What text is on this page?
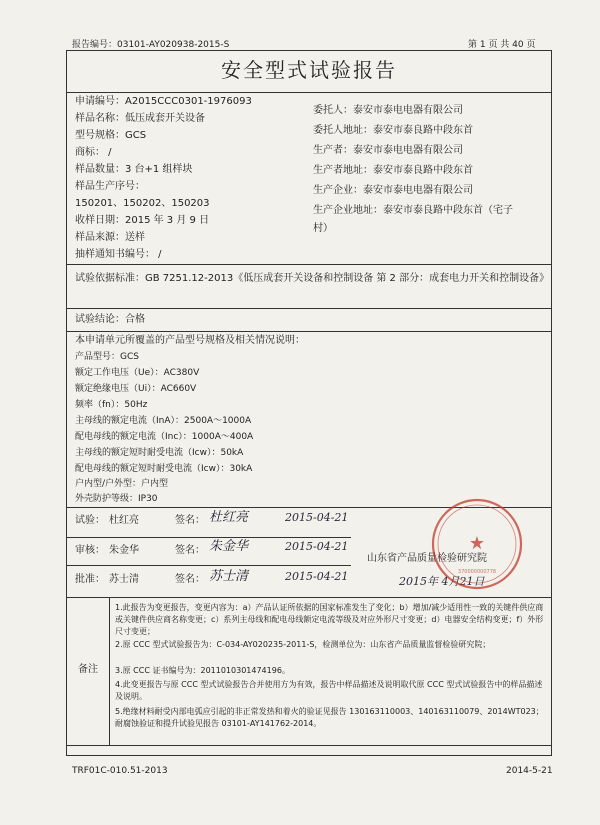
报告编号：03101-AY020938-2015-S	第 1 页 共 40 页
安全型式试验报告
申请编号：A2015CCC0301-1976093
样品名称：低压成套开关设备
型号规格：GCS
商标： /
样品数量：3 台+1 组样块
样品生产序号：
150201、150202、150203
收样日期：2015 年 3 月 9 日
样品来源：送样
抽样通知书编号： /
委托人：泰安市泰电电器有限公司
委托人地址：泰安市泰良路中段东首
生产者：泰安市泰电电器有限公司
生产者地址：泰安市泰良路中段东首
生产企业：泰安市泰电电器有限公司
生产企业地址：泰安市泰良路中段东首（宅子
村）
试验依据标准：GB 7251.12-2013《低压成套开关设备和控制设备 第 2 部分：成套电力开关和控制设备》
试验结论：合格
本申请单元所覆盖的产品型号规格及相关情况说明：
产品型号：GCS
额定工作电压（Ue）：AC380V
额定绝缘电压（Ui）：AC660V
频率（fn）：50Hz
主母线的额定电流（InA）：2500A～1000A
配电母线的额定电流（Inc）：1000A～400A
主母线的额定短时耐受电流（Icw）：50kA
配电母线的额定短时耐受电流（Icw）：30kA
户内型/户外型：户内型
外壳防护等级：IP30
试验： 杜红亮	签名： 杜红亮	2015-04-21
审核： 朱金华	签名： 朱金华	2015-04-21
批准： 苏士清	签名： 苏士清	2015-04-21
山东省产品质量检验研究院
2015年 4月21日
备注
1.此报告为变更报告，变更内容为：a）产品认证所依据的国家标准发生了变化；b）增加/减少适用性一致的关键件供应商或关键件供应商名称变更；c）系列主母线和配电母线额定电流等级及对应外形尺寸变更；d）电器安全结构变更；f）外形尺寸变更；
2.原 CCC 型式试验报告为：C-034-AY020235-2011-S，检测单位为：山东省产品质量监督检验研究院；
3.原 CCC 证书编号为：2011010301474196。
4.此变更报告与原 CCC 型式试验报告合并使用方为有效，报告中样品描述及说明取代原 CCC 型式试验报告中的样品描述及说明。
5.绝缘材料耐受内部电弧应引起的非正常发热和着火的验证见报告 130163110003、140163110079、2014WT023；耐腐蚀验证和提升试验见报告 03101-AY141762-2014。
★
370000000778
TRF01C-010.51-2013	2014-5-21
